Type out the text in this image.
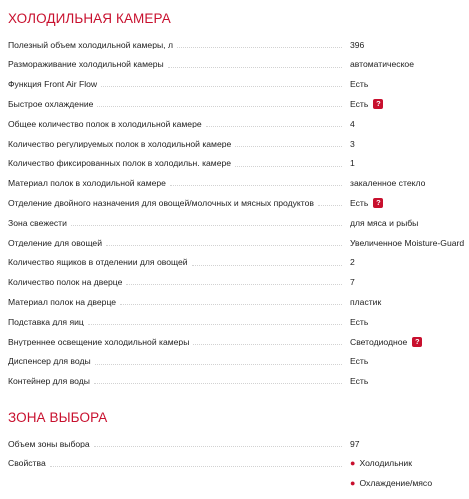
ХОЛОДИЛЬНАЯ КАМЕРА
Полезный объем холодильной камеры, л	396
Размораживание холодильной камеры	автоматическое
Функция Front Air Flow	Есть
Быстрое охлаждение	Есть	?
Общее количество полок в холодильной камере	4
Количество регулируемых полок в холодильной камере	3
Количество фиксированных полок в холодильн. камере	1
Материал полок в холодильной камере	закаленное стекло
Отделение двойного назначения для овощей/молочных и мясных продуктов	Есть	?
Зона свежести	для мяса и рыбы
Отделение для овощей	Увеличенное Moisture-Guard
Количество ящиков в отделении для овощей	2
Количество полок на дверце	7
Материал полок на дверце	пластик
Подставка для яиц	Есть
Внутреннее освещение холодильной камеры	Светодиодное	?
Диспенсер для воды	Есть
Контейнер для воды	Есть
ЗОНА ВЫБОРА
Объем зоны выбора	97
Свойства	● Холодильник
● Охлаждение/мясо
